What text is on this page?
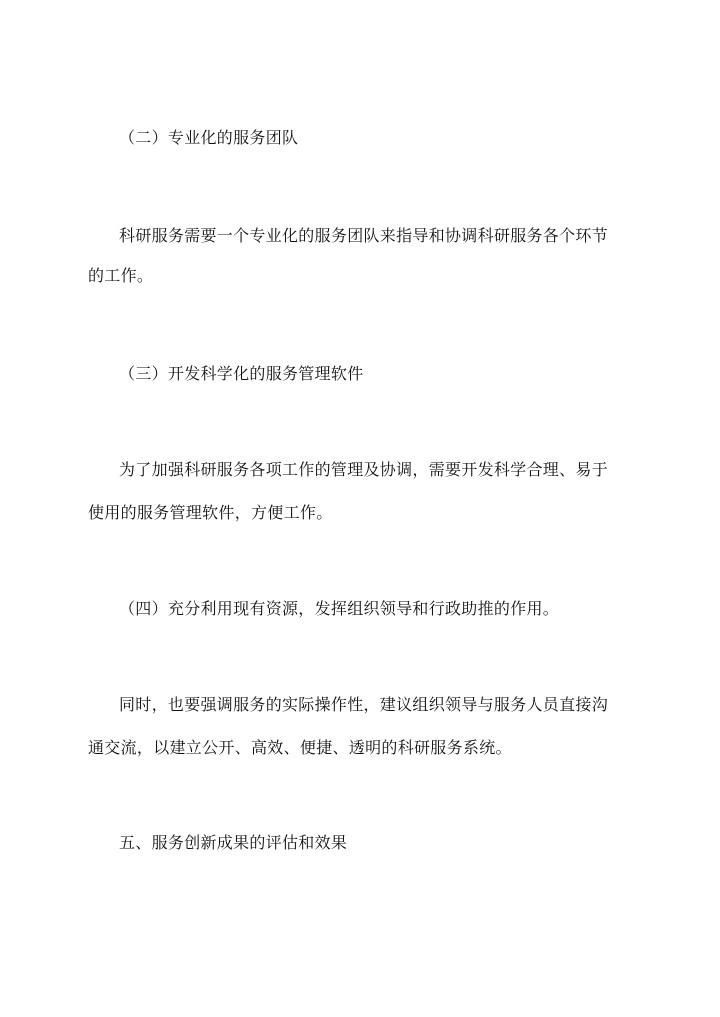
（二）专业化的服务团队
科研服务需要一个专业化的服务团队来指导和协调科研服务各个环节
的工作。
（三）开发科学化的服务管理软件
为了加强科研服务各项工作的管理及协调，需要开发科学合理、易于
使用的服务管理软件，方便工作。
（四）充分利用现有资源，发挥组织领导和行政助推的作用。
同时，也要强调服务的实际操作性，建议组织领导与服务人员直接沟
通交流，以建立公开、高效、便捷、透明的科研服务系统。
五、服务创新成果的评估和效果
